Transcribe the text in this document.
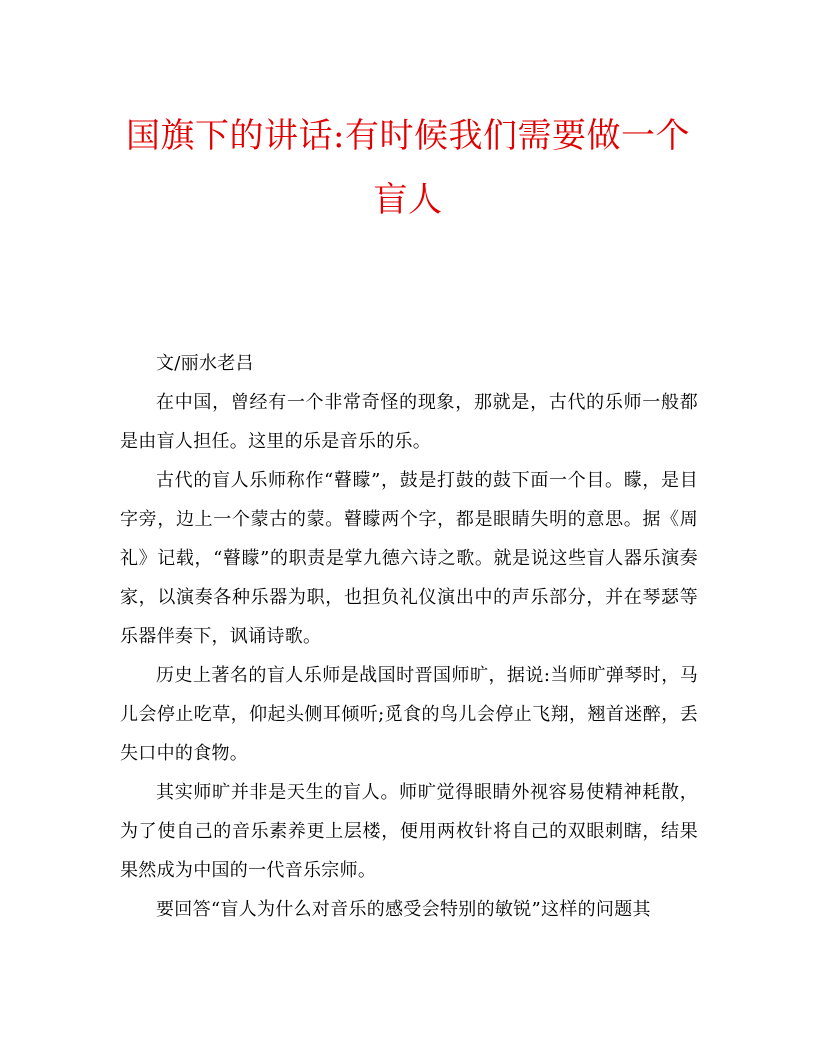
国旗下的讲话:有时候我们需要做一个
盲人

文/丽水老吕

在中国，曾经有一个非常奇怪的现象，那就是，古代的乐师一般都是由盲人担任。这里的乐是音乐的乐。

古代的盲人乐师称作“瞽矇”，鼓是打鼓的鼓下面一个目。矇，是目字旁，边上一个蒙古的蒙。瞽矇两个字，都是眼睛失明的意思。据《周礼》记载，“瞽矇”的职责是掌九德六诗之歌。就是说这些盲人器乐演奏家，以演奏各种乐器为职，也担负礼仪演出中的声乐部分，并在琴瑟等乐器伴奏下，讽诵诗歌。

历史上著名的盲人乐师是战国时晋国师旷，据说:当师旷弹琴时，马儿会停止吃草，仰起头侧耳倾听;觅食的鸟儿会停止飞翔，翘首迷醉，丢失口中的食物。

其实师旷并非是天生的盲人。师旷觉得眼睛外视容易使精神耗散，为了使自己的音乐素养更上层楼，便用两枚针将自己的双眼刺瞎，结果果然成为中国的一代音乐宗师。

要回答“盲人为什么对音乐的感受会特别的敏锐”这样的问题其
